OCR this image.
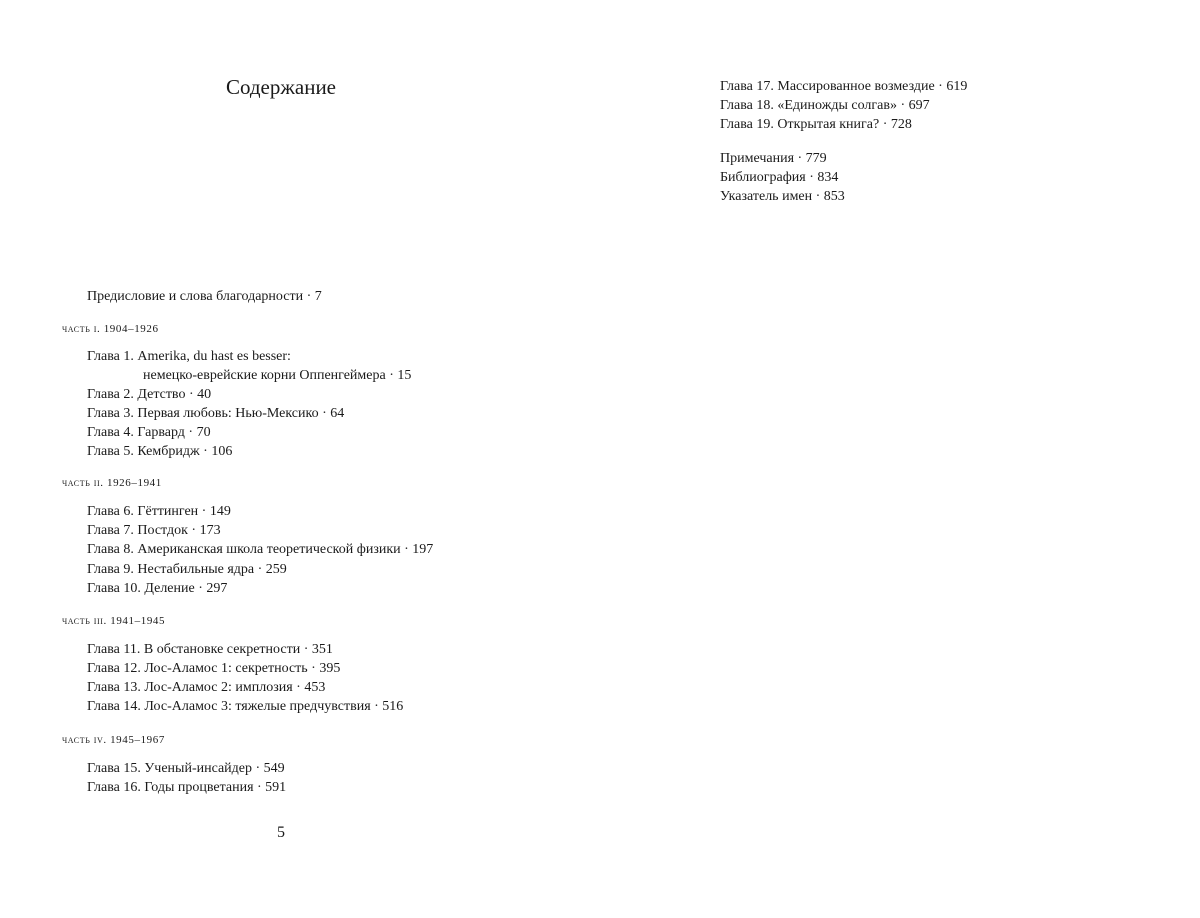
Содержание
Предисловие и слова благодарности · 7
часть i. 1904–1926
Глава 1. Amerika, du hast es besser:
немецко-еврейские корни Оппенгеймера · 15
Глава 2. Детство · 40
Глава 3. Первая любовь: Нью-Мексико · 64
Глава 4. Гарвард · 70
Глава 5. Кембридж · 106
часть ii. 1926–1941
Глава 6. Гёттинген · 149
Глава 7. Постдок · 173
Глава 8. Американская школа теоретической физики · 197
Глава 9. Нестабильные ядра · 259
Глава 10. Деление · 297
часть iii. 1941–1945
Глава 11. В обстановке секретности · 351
Глава 12. Лос-Аламос 1: секретность · 395
Глава 13. Лос-Аламос 2: имплозия · 453
Глава 14. Лос-Аламос 3: тяжелые предчувствия · 516
часть iv. 1945–1967
Глава 15. Ученый-инсайдер · 549
Глава 16. Годы процветания · 591
5
Глава 17. Массированное возмездие · 619
Глава 18. «Единожды солгав» · 697
Глава 19. Открытая книга? · 728
Примечания · 779
Библиография · 834
Указатель имен · 853
